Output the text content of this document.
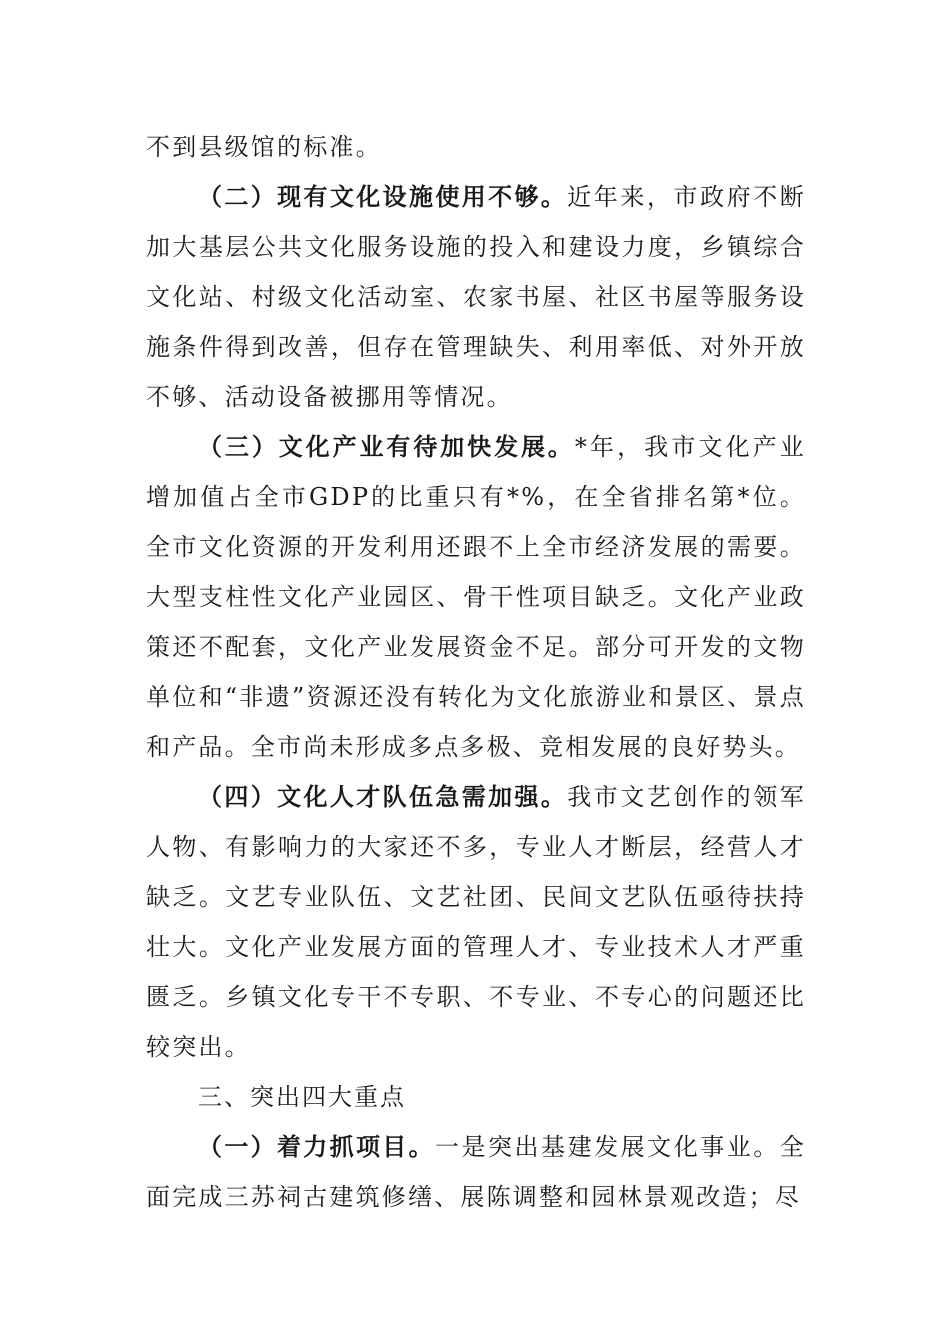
不到县级馆的标准。

（二）现有文化设施使用不够。近年来，市政府不断加大基层公共文化服务设施的投入和建设力度，乡镇综合文化站、村级文化活动室、农家书屋、社区书屋等服务设施条件得到改善，但存在管理缺失、利用率低、对外开放不够、活动设备被挪用等情况。

（三）文化产业有待加快发展。*年，我市文化产业增加值占全市GDP的比重只有*%，在全省排名第*位。全市文化资源的开发利用还跟不上全市经济发展的需要。大型支柱性文化产业园区、骨干性项目缺乏。文化产业政策还不配套，文化产业发展资金不足。部分可开发的文物单位和“非遗”资源还没有转化为文化旅游业和景区、景点和产品。全市尚未形成多点多极、竞相发展的良好势头。

（四）文化人才队伍急需加强。我市文艺创作的领军人物、有影响力的大家还不多，专业人才断层，经营人才缺乏。文艺专业队伍、文艺社团、民间文艺队伍亟待扶持壮大。文化产业发展方面的管理人才、专业技术人才严重匮乏。乡镇文化专干不专职、不专业、不专心的问题还比较突出。

三、突出四大重点

（一）着力抓项目。一是突出基建发展文化事业。全面完成三苏祠古建筑修缮、展陈调整和园林景观改造；尽
